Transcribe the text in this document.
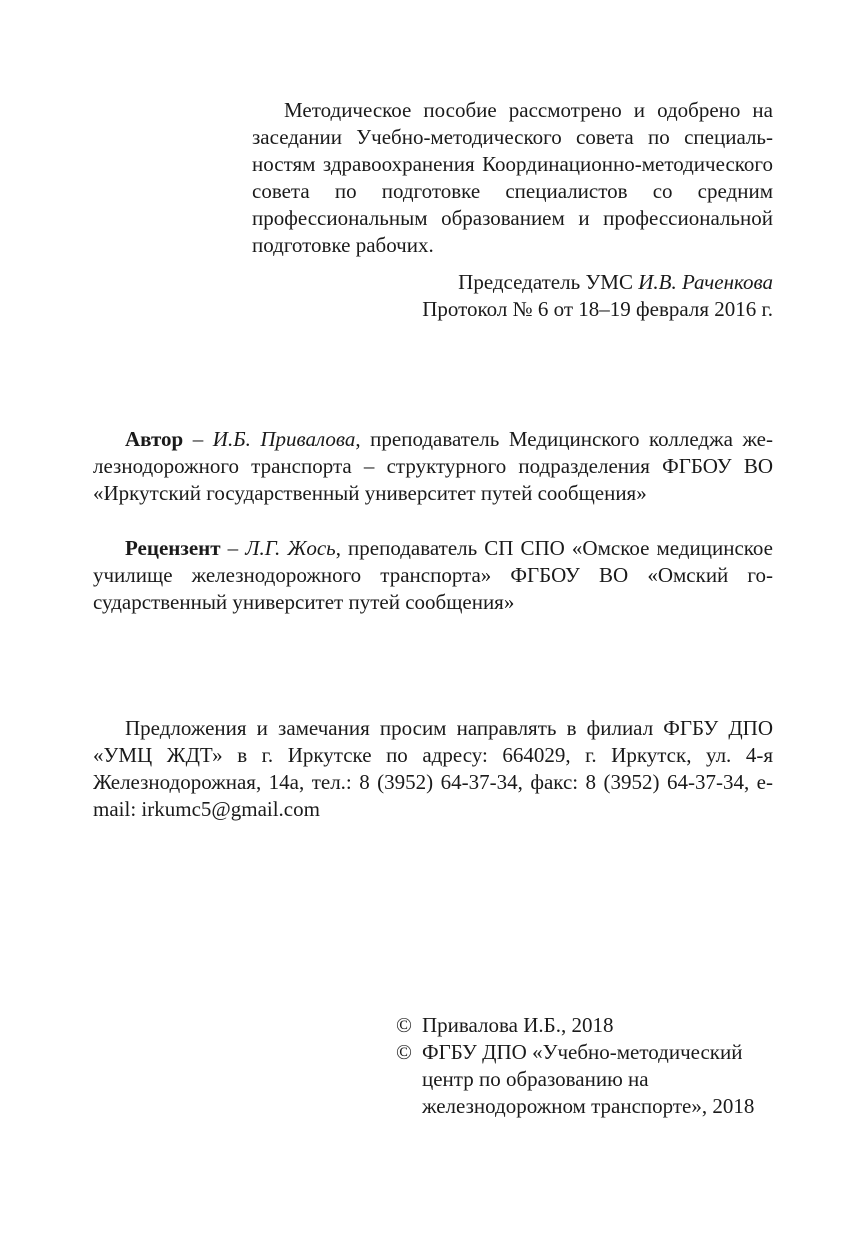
Методическое пособие рассмотрено и одобрено на заседании Учебно-методического совета по специальностям здравоохранения Координационно-методического совета по подготовке специалистов со средним профессиональным образованием и профессиональной подготовке рабочих.
Председатель УМС И.В. Раченкова
Протокол № 6 от 18–19 февраля 2016 г.
Автор – И.Б. Привалова, преподаватель Медицинского колледжа железнодорожного транспорта – структурного подразделения ФГБОУ ВО «Иркутский государственный университет путей сообщения»
Рецензент – Л.Г. Жось, преподаватель СП СПО «Омское медицинское училище железнодорожного транспорта» ФГБОУ ВО «Омский государственный университет путей сообщения»
Предложения и замечания просим направлять в филиал ФГБУ ДПО «УМЦ ЖДТ» в г. Иркутске по адресу: 664029, г. Иркутск, ул. 4-я Железнодорожная, 14а, тел.: 8 (3952) 64-37-34, факс: 8 (3952) 64-37-34, e-mail: irkumc5@gmail.com
© Привалова И.Б., 2018
© ФГБУ ДПО «Учебно-методический центр по образованию на железнодорожном транспорте», 2018
